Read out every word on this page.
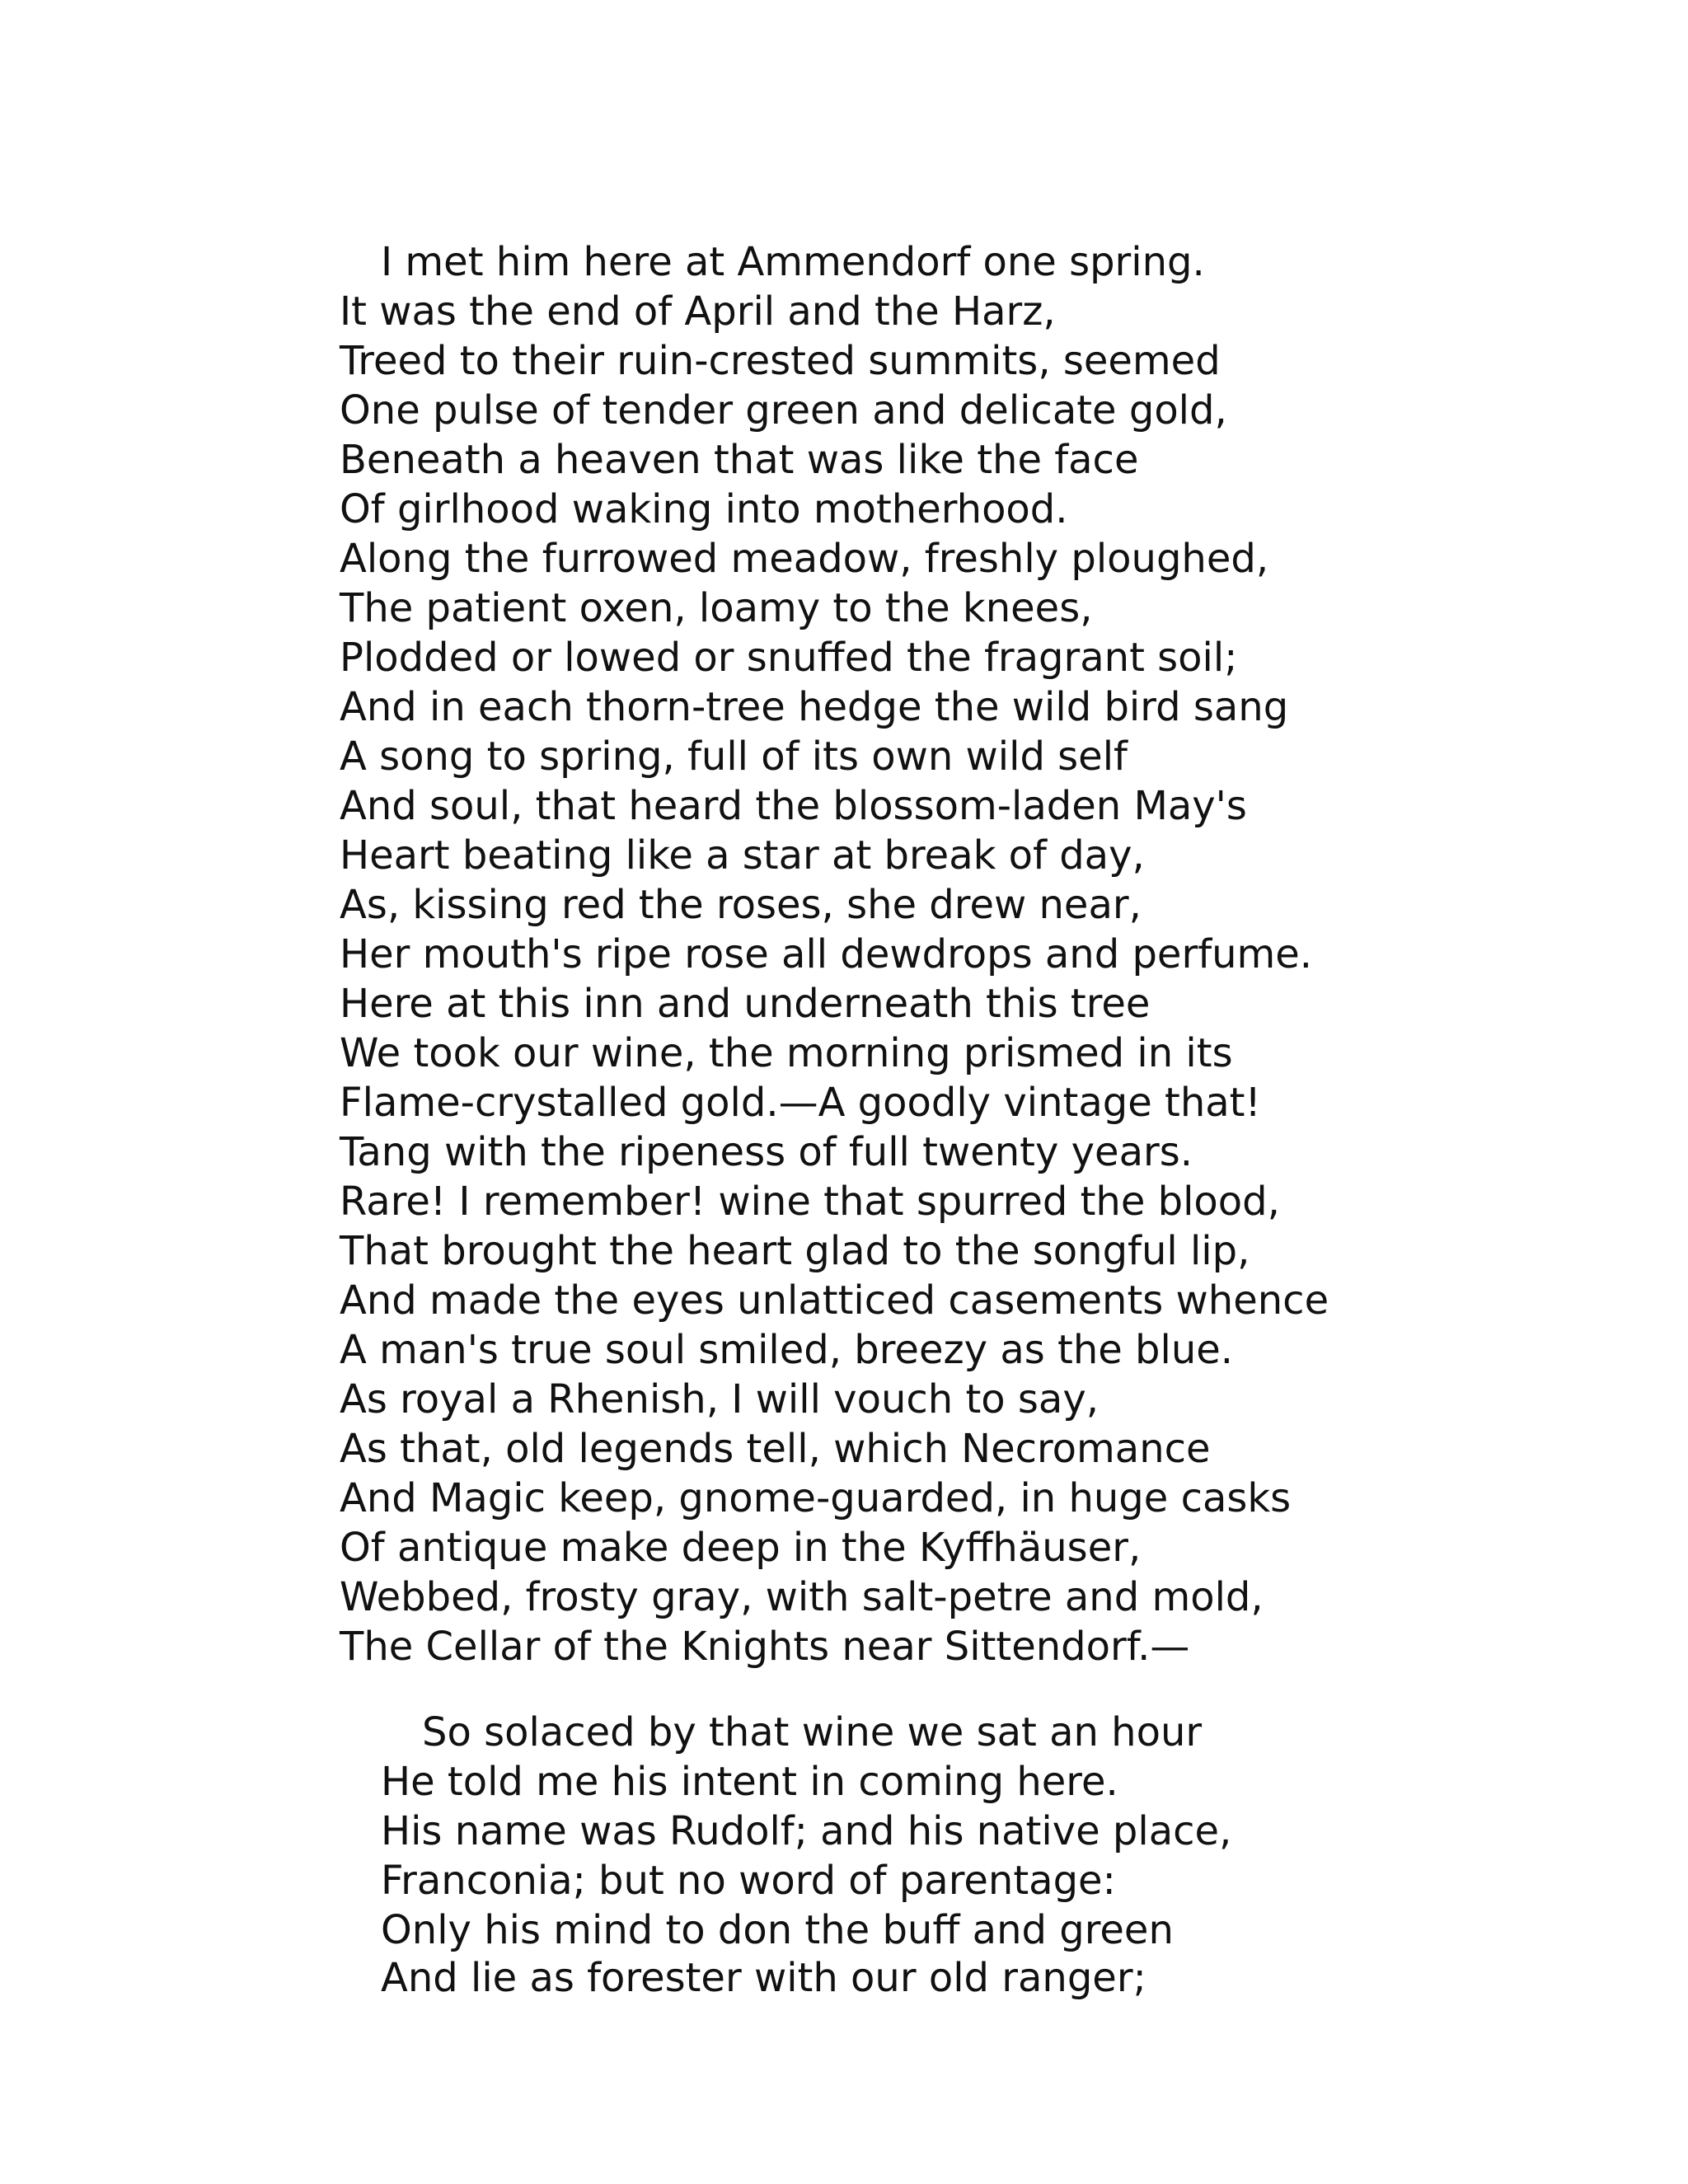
I met him here at Ammendorf one spring.
It was the end of April and the Harz,
Treed to their ruin-crested summits, seemed
One pulse of tender green and delicate gold,
Beneath a heaven that was like the face
Of girlhood waking into motherhood.
Along the furrowed meadow, freshly ploughed,
The patient oxen, loamy to the knees,
Plodded or lowed or snuffed the fragrant soil;
And in each thorn-tree hedge the wild bird sang
A song to spring, full of its own wild self
And soul, that heard the blossom-laden May's
Heart beating like a star at break of day,
As, kissing red the roses, she drew near,
Her mouth's ripe rose all dewdrops and perfume.
Here at this inn and underneath this tree
We took our wine, the morning prismed in its
Flame-crystalled gold.—A goodly vintage that!
Tang with the ripeness of full twenty years.
Rare! I remember! wine that spurred the blood,
That brought the heart glad to the songful lip,
And made the eyes unlatticed casements whence
A man's true soul smiled, breezy as the blue.
As royal a Rhenish, I will vouch to say,
As that, old legends tell, which Necromance
And Magic keep, gnome-guarded, in huge casks
Of antique make deep in the Kyffhäuser,
Webbed, frosty gray, with salt-petre and mold,
The Cellar of the Knights near Sittendorf.—
So solaced by that wine we sat an hour
He told me his intent in coming here.
His name was Rudolf; and his native place,
Franconia; but no word of parentage:
Only his mind to don the buff and green
And lie as forester with our old ranger;
